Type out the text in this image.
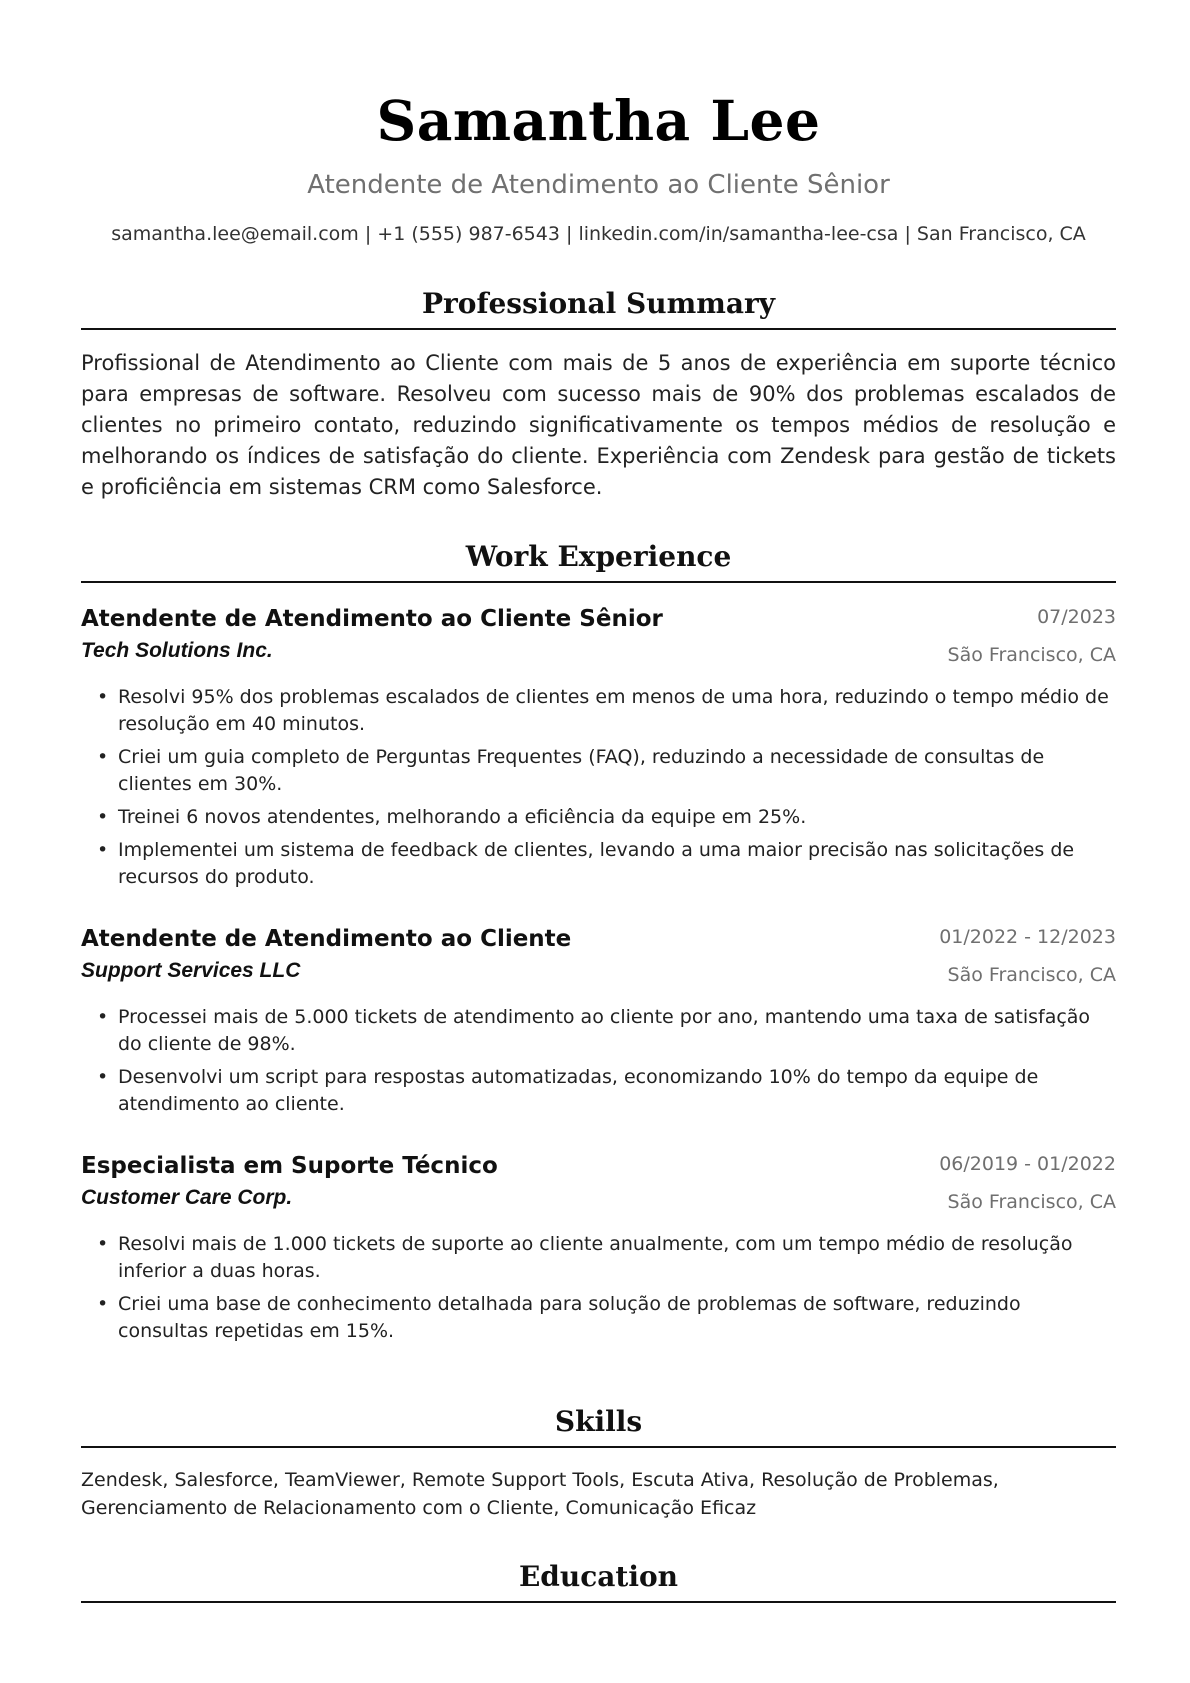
Samantha Lee
Atendente de Atendimento ao Cliente Sênior
samantha.lee@email.com | +1 (555) 987-6543 | linkedin.com/in/samantha-lee-csa | San Francisco, CA
Professional Summary
Profissional de Atendimento ao Cliente com mais de 5 anos de experiência em suporte técnico para empresas de software. Resolveu com sucesso mais de 90% dos problemas escalados de clientes no primeiro contato, reduzindo significativamente os tempos médios de resolução e melhorando os índices de satisfação do cliente. Experiência com Zendesk para gestão de tickets e proficiência em sistemas CRM como Salesforce.
Work Experience
Atendente de Atendimento ao Cliente Sênior	07/2023
Tech Solutions Inc.	São Francisco, CA
• Resolvi 95% dos problemas escalados de clientes em menos de uma hora, reduzindo o tempo médio de resolução em 40 minutos.
• Criei um guia completo de Perguntas Frequentes (FAQ), reduzindo a necessidade de consultas de clientes em 30%.
• Treinei 6 novos atendentes, melhorando a eficiência da equipe em 25%.
• Implementei um sistema de feedback de clientes, levando a uma maior precisão nas solicitações de recursos do produto.
Atendente de Atendimento ao Cliente	01/2022 - 12/2023
Support Services LLC	São Francisco, CA
• Processei mais de 5.000 tickets de atendimento ao cliente por ano, mantendo uma taxa de satisfação do cliente de 98%.
• Desenvolvi um script para respostas automatizadas, economizando 10% do tempo da equipe de atendimento ao cliente.
Especialista em Suporte Técnico	06/2019 - 01/2022
Customer Care Corp.	São Francisco, CA
• Resolvi mais de 1.000 tickets de suporte ao cliente anualmente, com um tempo médio de resolução inferior a duas horas.
• Criei uma base de conhecimento detalhada para solução de problemas de software, reduzindo consultas repetidas em 15%.
Skills
Zendesk, Salesforce, TeamViewer, Remote Support Tools, Escuta Ativa, Resolução de Problemas, Gerenciamento de Relacionamento com o Cliente, Comunicação Eficaz
Education
